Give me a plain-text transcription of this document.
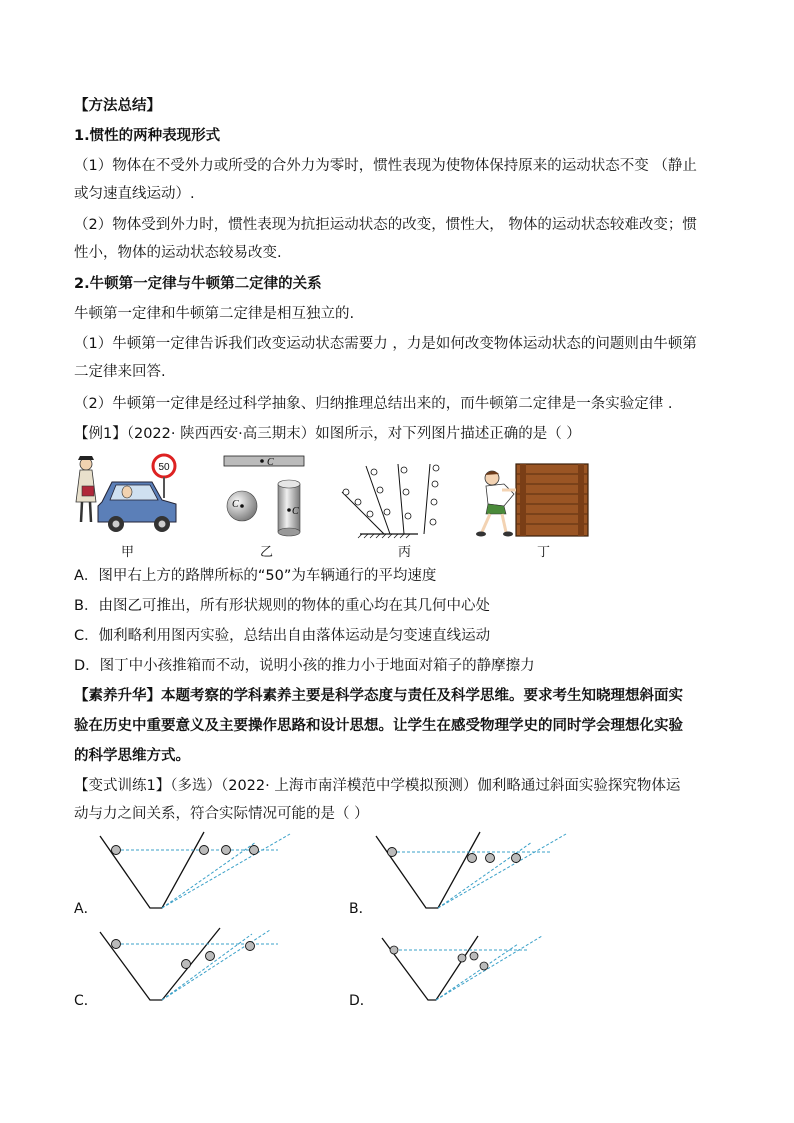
【方法总结】
1.惯性的两种表现形式
（1）物体在不受外力或所受的合外力为零时，惯性表现为使物体保持原来的运动状态不变 （静止
或匀速直线运动）.
（2）物体受到外力时，惯性表现为抗拒运动状态的改变，惯性大， 物体的运动状态较难改变；惯
性小，物体的运动状态较易改变.
2.牛顿第一定律与牛顿第二定律的关系
牛顿第一定律和牛顿第二定律是相互独立的.
（1）牛顿第一定律告诉我们改变运动状态需要力 ，力是如何改变物体运动状态的问题则由牛顿第
二定律来回答.
（2）牛顿第一定律是经过科学抽象、归纳推理总结出来的，而牛顿第二定律是一条实验定律 .
【例1】（2022· 陕西西安·高三期末）如图所示，对下列图片描述正确的是（ ）
50
甲
C
C
C
乙	丙	丁
A．图甲右上方的路牌所标的“50”为车辆通行的平均速度
B．由图乙可推出，所有形状规则的物体的重心均在其几何中心处
C．伽利略利用图丙实验，总结出自由落体运动是匀变速直线运动
D．图丁中小孩推箱而不动，说明小孩的推力小于地面对箱子的静摩擦力
【素养升华】本题考察的学科素养主要是科学态度与责任及科学思维。要求考生知晓理想斜面实
验在历史中重要意义及主要操作思路和设计思想。让学生在感受物理学史的同时学会理想化实验
的科学思维方式。
【变式训练1】（多选）（2022· 上海市南洋模范中学模拟预测）伽利略通过斜面实验探究物体运
动与力之间关系，符合实际情况可能的是（ ）
A．	B．
C．	D．
